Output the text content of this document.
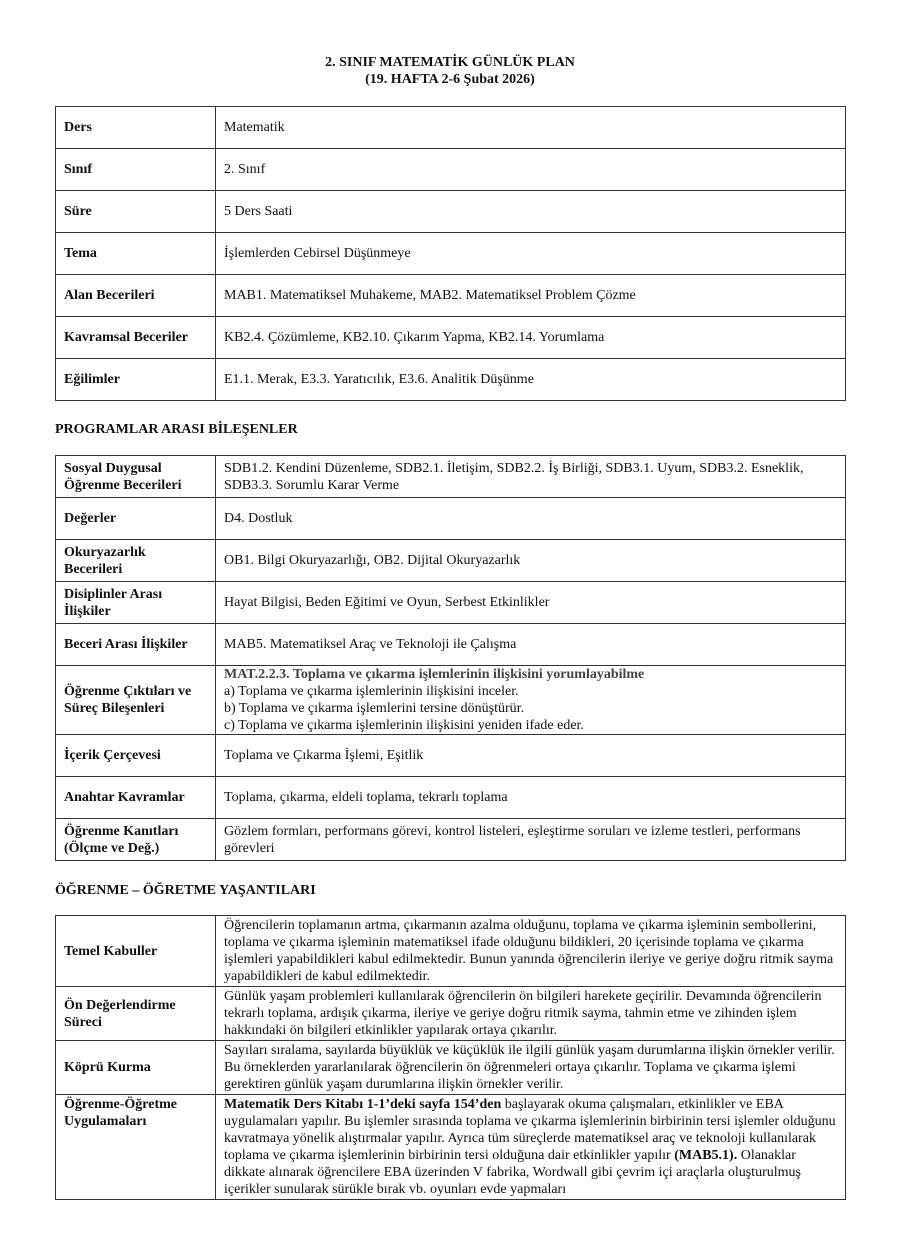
2. SINIF MATEMATİK GÜNLÜK PLAN
(19. HAFTA 2-6 Şubat 2026)
Ders	Matematik
Sınıf	2. Sınıf
Süre	5 Ders Saati
Tema	İşlemlerden Cebirsel Düşünmeye
Alan Becerileri	MAB1. Matematiksel Muhakeme, MAB2. Matematiksel Problem Çözme
Kavramsal Beceriler	KB2.4. Çözümleme, KB2.10. Çıkarım Yapma, KB2.14. Yorumlama
Eğilimler	E1.1. Merak, E3.3. Yaratıcılık, E3.6. Analitik Düşünme
PROGRAMLAR ARASI BİLEŞENLER
Sosyal Duygusal Öğrenme Becerileri	SDB1.2. Kendini Düzenleme, SDB2.1. İletişim, SDB2.2. İş Birliği, SDB3.1. Uyum, SDB3.2. Esneklik, SDB3.3. Sorumlu Karar Verme
Değerler	D4. Dostluk
Okuryazarlık Becerileri	OB1. Bilgi Okuryazarlığı, OB2. Dijital Okuryazarlık
Disiplinler Arası İlişkiler	Hayat Bilgisi, Beden Eğitimi ve Oyun, Serbest Etkinlikler
Beceri Arası İlişkiler	MAB5. Matematiksel Araç ve Teknoloji ile Çalışma
Öğrenme Çıktıları ve Süreç Bileşenleri	MAT.2.2.3. Toplama ve çıkarma işlemlerinin ilişkisini yorumlayabilme
a) Toplama ve çıkarma işlemlerinin ilişkisini inceler.
b) Toplama ve çıkarma işlemlerini tersine dönüştürür.
c) Toplama ve çıkarma işlemlerinin ilişkisini yeniden ifade eder.

İçerik Çerçevesi	Toplama ve Çıkarma İşlemi, Eşitlik
Anahtar Kavramlar	Toplama, çıkarma, eldeli toplama, tekrarlı toplama
Öğrenme Kanıtları (Ölçme ve Değ.)	Gözlem formları, performans görevi, kontrol listeleri, eşleştirme soruları ve izleme testleri, performans görevleri
ÖĞRENME – ÖĞRETME YAŞANTILARI
Temel Kabuller	Öğrencilerin toplamanın artma, çıkarmanın azalma olduğunu, toplama ve çıkarma işleminin sembollerini, toplama ve çıkarma işleminin matematiksel ifade olduğunu bildikleri, 20 içerisinde toplama ve çıkarma işlemleri yapabildikleri kabul edilmektedir. Bunun yanında öğrencilerin ileriye ve geriye doğru ritmik sayma yapabildikleri de kabul edilmektedir.
Ön Değerlendirme Süreci	Günlük yaşam problemleri kullanılarak öğrencilerin ön bilgileri harekete geçirilir. Devamında öğrencilerin tekrarlı toplama, ardışık çıkarma, ileriye ve geriye doğru ritmik sayma, tahmin etme ve zihinden işlem hakkındaki ön bilgileri etkinlikler yapılarak ortaya çıkarılır.
Köprü Kurma	Sayıları sıralama, sayılarda büyüklük ve küçüklük ile ilgili günlük yaşam durumlarına ilişkin örnekler verilir. Bu örneklerden yararlanılarak öğrencilerin ön öğrenmeleri ortaya çıkarılır. Toplama ve çıkarma işlemi gerektiren günlük yaşam durumlarına ilişkin örnekler verilir.
Öğrenme-Öğretme Uygulamaları	Matematik Ders Kitabı 1-1’deki sayfa 154’den başlayarak okuma çalışmaları, etkinlikler ve EBA uygulamaları yapılır. Bu işlemler sırasında toplama ve çıkarma işlemlerinin birbirinin tersi işlemler olduğunu kavratmaya yönelik alıştırmalar yapılır. Ayrıca tüm süreçlerde matematiksel araç ve teknoloji kullanılarak toplama ve çıkarma işlemlerinin birbirinin tersi olduğuna dair etkinlikler yapılır (MAB5.1). Olanaklar dikkate alınarak öğrencilere EBA üzerinden V fabrika, Wordwall gibi çevrim içi araçlarla oluşturulmuş içerikler sunularak sürükle bırak vb. oyunları evde yapmaları
